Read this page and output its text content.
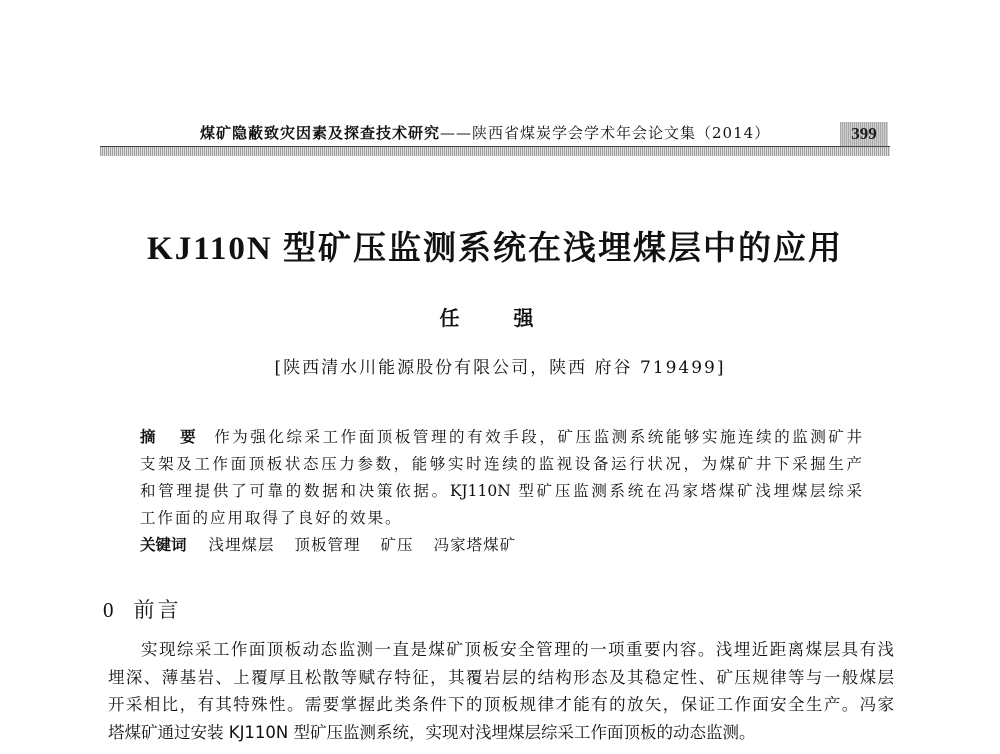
煤矿隐蔽致灾因素及探查技术研究——陕西省煤炭学会学术年会论文集（2014）	399
KJ110N 型矿压监测系统在浅埋煤层中的应用
任　强
[陕西清水川能源股份有限公司，陕西 府谷 719499]
摘　要 作为强化综采工作面顶板管理的有效手段，矿压监测系统能够实施连续的监测矿井
支架及工作面顶板状态压力参数，能够实时连续的监视设备运行状况，为煤矿井下采掘生产
和管理提供了可靠的数据和决策依据。KJ110N 型矿压监测系统在冯家塔煤矿浅埋煤层综采
工作面的应用取得了良好的效果。
关键词 浅埋煤层 顶板管理 矿压 冯家塔煤矿
0 前言
实现综采工作面顶板动态监测一直是煤矿顶板安全管理的一项重要内容。浅埋近距离煤层具有浅
埋深、薄基岩、上覆厚且松散等赋存特征，其覆岩层的结构形态及其稳定性、矿压规律等与一般煤层
开采相比，有其特殊性。需要掌握此类条件下的顶板规律才能有的放矢，保证工作面安全生产。冯家
塔煤矿通过安装 KJ110N 型矿压监测系统，实现对浅埋煤层综采工作面顶板的动态监测。
